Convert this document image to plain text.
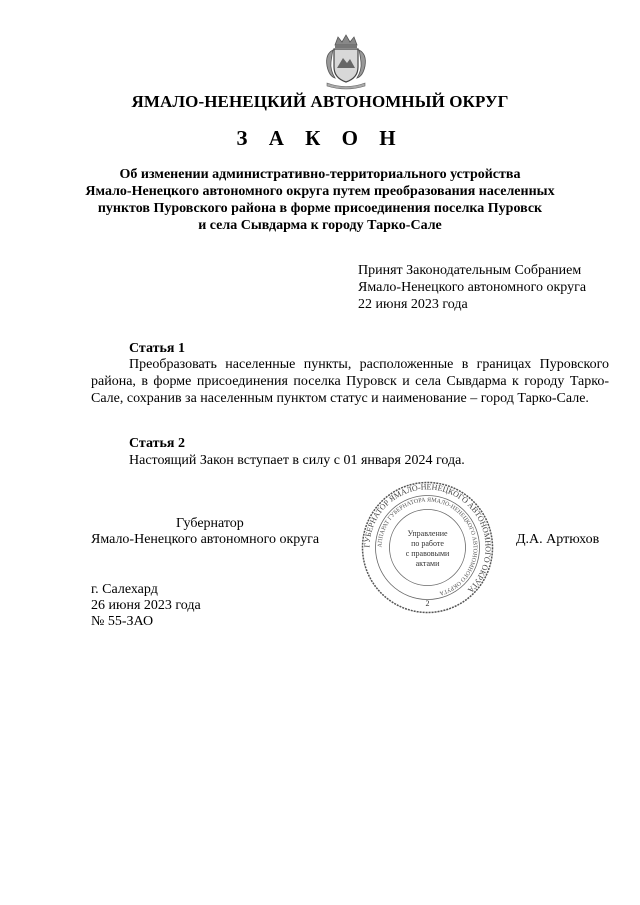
ЯМАЛО-НЕНЕЦКИЙ АВТОНОМНЫЙ ОКРУГ
З А К О Н
Об изменении административно-территориального устройства
Ямало-Ненецкого автономного округа путем преобразования населенных
пунктов Пуровского района в форме присоединения поселка Пуровск
и села Сывдарма к городу Тарко-Сале
Принят Законодательным Собранием
Ямало-Ненецкого автономного округа
22 июня 2023 года
Статья 1
Преобразовать населенные пункты, расположенные в границах Пуровского района, в форме присоединения поселка Пуровск и села Сывдарма к городу Тарко-Сале, сохранив за населенным пунктом статус и наименование – город Тарко-Сале.
Статья 2
Настоящий Закон вступает в силу с 01 января 2024 года.
Губернатор
Ямало-Ненецкого автономного округа	Д.А. Артюхов
ГУБЕРНАТОР ЯМАЛО-НЕНЕЦКОГО АВТОНОМНОГО ОКРУГА
АППАРАТ ГУБЕРНАТОРА ЯМАЛО-НЕНЕЦКОГО АВТОНОМНОГО ОКРУГА
Управление
по работе
с правовыми
актами
2
г. Салехард
26 июня 2023 года
№ 55-ЗАО
